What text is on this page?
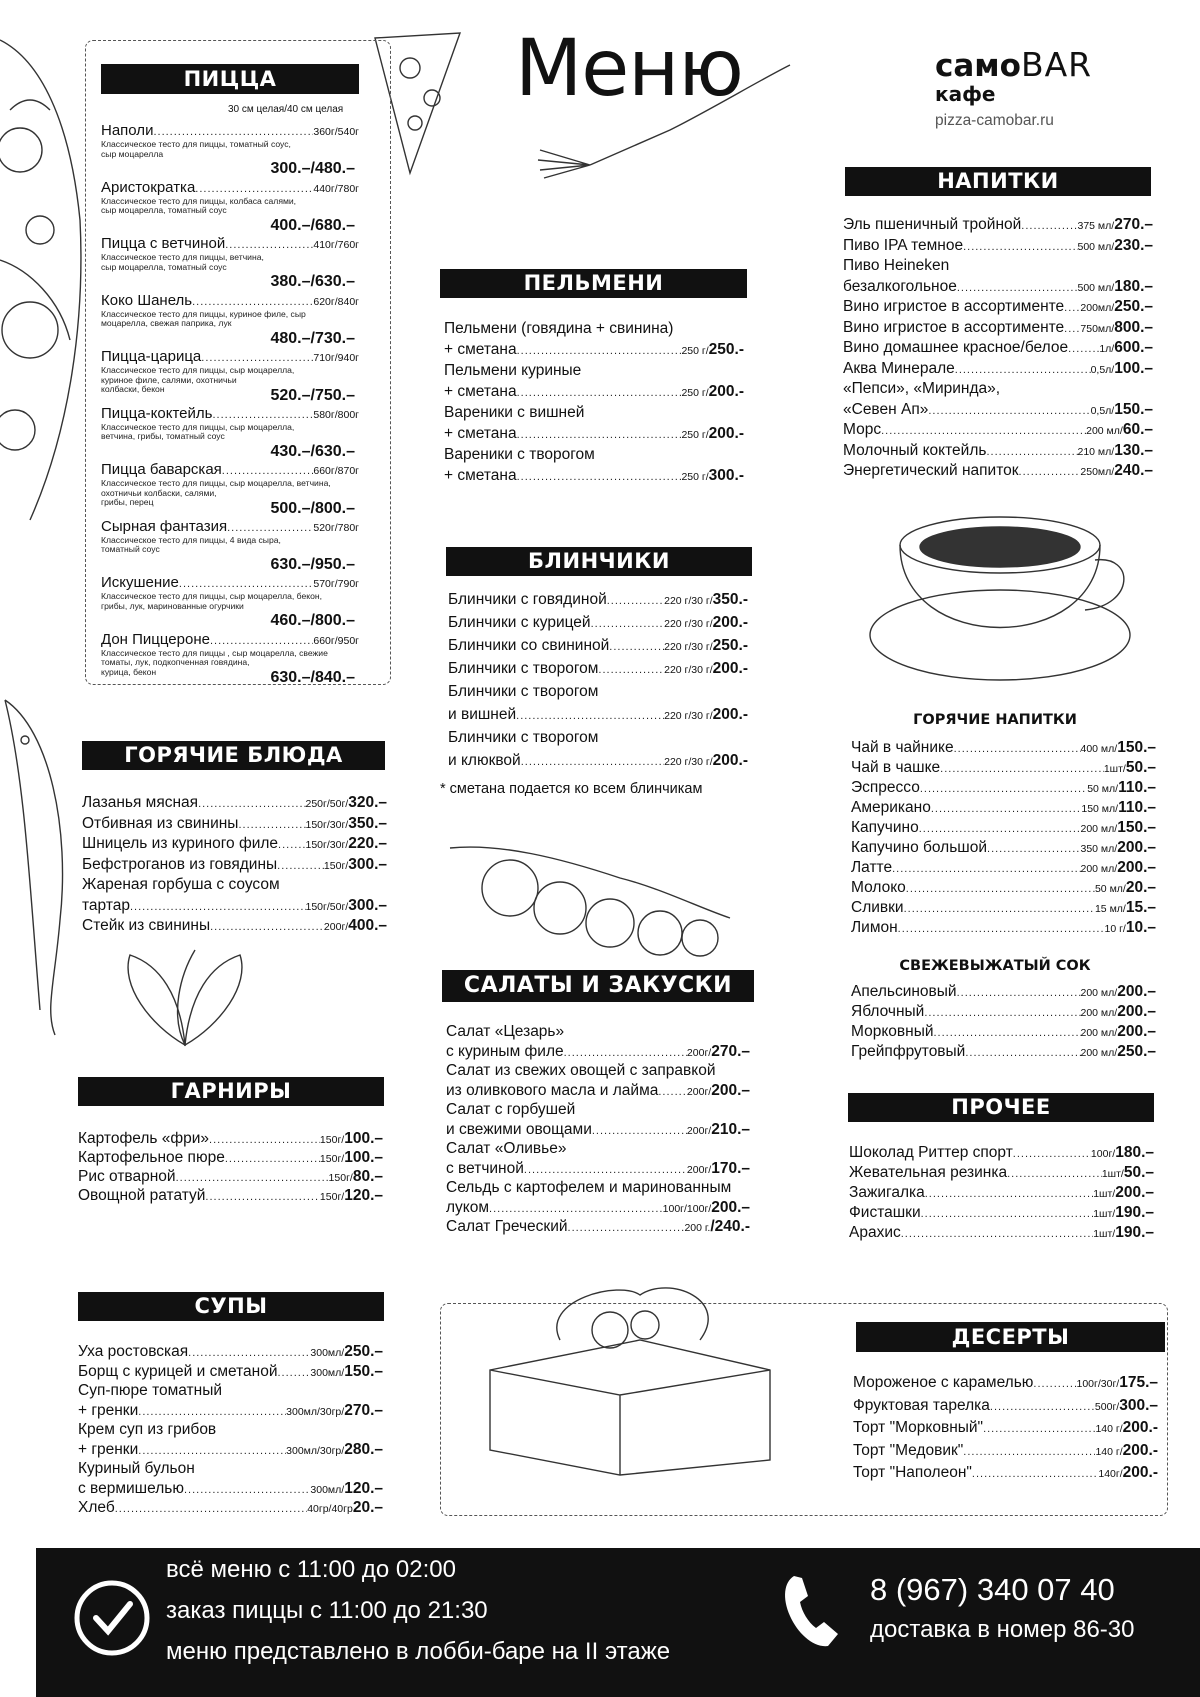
Меню	самоBAR
кафе
pizza-camobar.ru
ПИЦЦА
30 см целая/40 см целая
Наполи .....	360г/540г
Классическое тесто для пиццы, томатный соус,
сыр моцарелла
300.–/480.–
Аристократка .....	440г/780г
Классическое тесто для пиццы, колбаса салями,
сыр моцарелла, томатный соус
400.–/680.–
Пицца с ветчиной .....	410г/760г
Классическое тесто для пиццы, ветчина,
сыр моцарелла, томатный соус
380.–/630.–
Коко Шанель .....	620г/840г
Классическое тесто для пиццы, куриное филе, сыр
моцарелла, свежая паприка, лук
480.–/730.–
Пицца-царица .....	710г/940г
Классическое тесто для пиццы, сыр моцарелла,
куриное филе, салями, охотничьи
колбаски, бекон	520.–/750.–
Пицца-коктейль .....	580г/800г
Классическое тесто для пиццы, сыр моцарелла,
ветчина, грибы, томатный соус
430.–/630.–
Пицца баварская .....	660г/870г
Классическое тесто для пиццы, сыр моцарелла, ветчина,
охотничьи колбаски, салями,
грибы, перец	500.–/800.–
Сырная фантазия .....	520г/780г
Классическое тесто для пиццы, 4 вида сыра,
томатный соус
630.–/950.–
Искушение .....	570г/790г
Классическое тесто для пиццы, сыр моцарелла, бекон,
грибы, лук, маринованные огурчики
460.–/800.–
Дон Пиццероне .....	660г/950г
Классическое тесто для пиццы , сыр моцарелла, свежие
томаты, лук, подкопченная говядина,
курица, бекон	630.–/840.–
ГОРЯЧИЕ БЛЮДА
Лазанья мясная .....	250г/50г/ 320.–
Отбивная из свинины .....	150г/30г/ 350.–
Шницель из куриного филе .....	150г/30г/ 220.–
Бефстроганов из говядины .....	150г/ 300.–
Жареная горбуша с соусом
тартар .....	150г/50г/ 300.–
Стейк из свинины .....	200г/ 400.–
ГАРНИРЫ
Картофель «фри» .....	150г/ 100.–
Картофельное пюре .....	150г/ 100.–
Рис отварной .....	150г/ 80.–
Овощной рататуй .....	150г/ 120.–
СУПЫ
Уха ростовская .....	300мл/ 250.–
Борщ с курицей и сметаной .....	300мл/ 150.–
Суп-пюре томатный
+ гренки .....	300мл/30гр/ 270.–
Крем суп из грибов
+ гренки .....	300мл/30гр/ 280.–
Куриный бульон
с вермишелью .....	300мл/ 120.–
Хлеб .....	40гр/40гр 20.–
ПЕЛЬМЕНИ
Пельмени (говядина + свинина)
+ сметана .....	250 г/ 250.-
Пельмени куриные
+ сметана .....	250 г/ 200.-
Вареники с вишней
+ сметана .....	250 г/ 200.-
Вареники с творогом
+ сметана .....	250 г/ 300.-
БЛИНЧИКИ
Блинчики с говядиной .....	220 г/30 г/ 350.-
Блинчики с курицей .....	220 г/30 г/ 200.-
Блинчики со свининой .....	220 г/30 г/ 250.-
Блинчики с творогом .....	220 г/30 г/ 200.-
Блинчики с творогом
и вишней .....	220 г/30 г/ 200.-
Блинчики с творогом
и клюквой .....	220 г/30 г/ 200.-
* сметана подается ко всем блинчикам
САЛАТЫ И ЗАКУСКИ
Салат «Цезарь»
с куриным филе .....	200г/ 270.–
Салат из свежих овощей с заправкой
из оливкового масла и лайма .....	200г/ 200.–
Салат с горбушей
и свежими овощами .....	200г/ 210.–
Салат «Оливье»
с ветчиной .....	200г/ 170.–
Сельдь с картофелем и маринованным
луком .....	100г/100г/ 200.–
Салат Греческий .....	200 г. /240.-
НАПИТКИ
Эль пшеничный тройной .....	375 мл/ 270.–
Пиво IPA темное .....	500 мл/ 230.–
Пиво Heineken
безалкогольное .....	500 мл/ 180.–
Вино игристое в ассортименте ..... 200мл/ 250.–
Вино игристое в ассортименте ..... 750мл/ 800.–
Вино домашнее красное/белое .....	1л/ 600.–
Аква Минерале .....	0,5л/ 100.–
«Пепси», «Миринда»,
«Севен Ап» .....	0,5л/ 150.–
Морс .....	200 мл/ 60.–
Молочный коктейль .....	210 мл/ 130.–
Энергетический напиток .....	250мл/ 240.–
ГОРЯЧИЕ НАПИТКИ
Чай в чайнике .....	400 мл/ 150.–
Чай в чашке .....	1шт/ 50.–
Эспрессо .....	50 мл/ 110.–
Американо .....	150 мл/ 110.–
Капучино .....	200 мл/ 150.–
Капучино большой .....	350 мл/ 200.–
Латте .....	200 мл/ 200.–
Молоко .....	50 мл/ 20.–
Сливки .....	15 мл/ 15.–
Лимон .....	10 г/ 10.–
СВЕЖЕВЫЖАТЫЙ СОК
Апельсиновый .....	200 мл/ 200.–
Яблочный .....	200 мл/ 200.–
Морковный .....	200 мл/ 200.–
Грейпфрутовый .....	200 мл/ 250.–
ПРОЧЕЕ
Шоколад Риттер спорт .....	100г/ 180.–
Жевательная резинка .....	1шт/ 50.–
Зажигалка .....	1шт/ 200.–
Фисташки .....	1шт/ 190.–
Арахис .....	1шт/ 190.–
ДЕСЕРТЫ
Мороженое с карамелью .....	100г/30г/ 175.–
Фруктовая тарелка .....	500г/ 300.–
Торт "Морковный" .....	140 г/ 200.-
Торт "Медовик" .....	140 г/ 200.-
Торт "Наполеон" .....	140г/ 200.-
всё меню с 11:00 до 02:00
заказ пиццы с 11:00 до 21:30
меню представлено в лобби-баре на II этаже
8 (967) 340 07 40
доставка в номер 86-30
